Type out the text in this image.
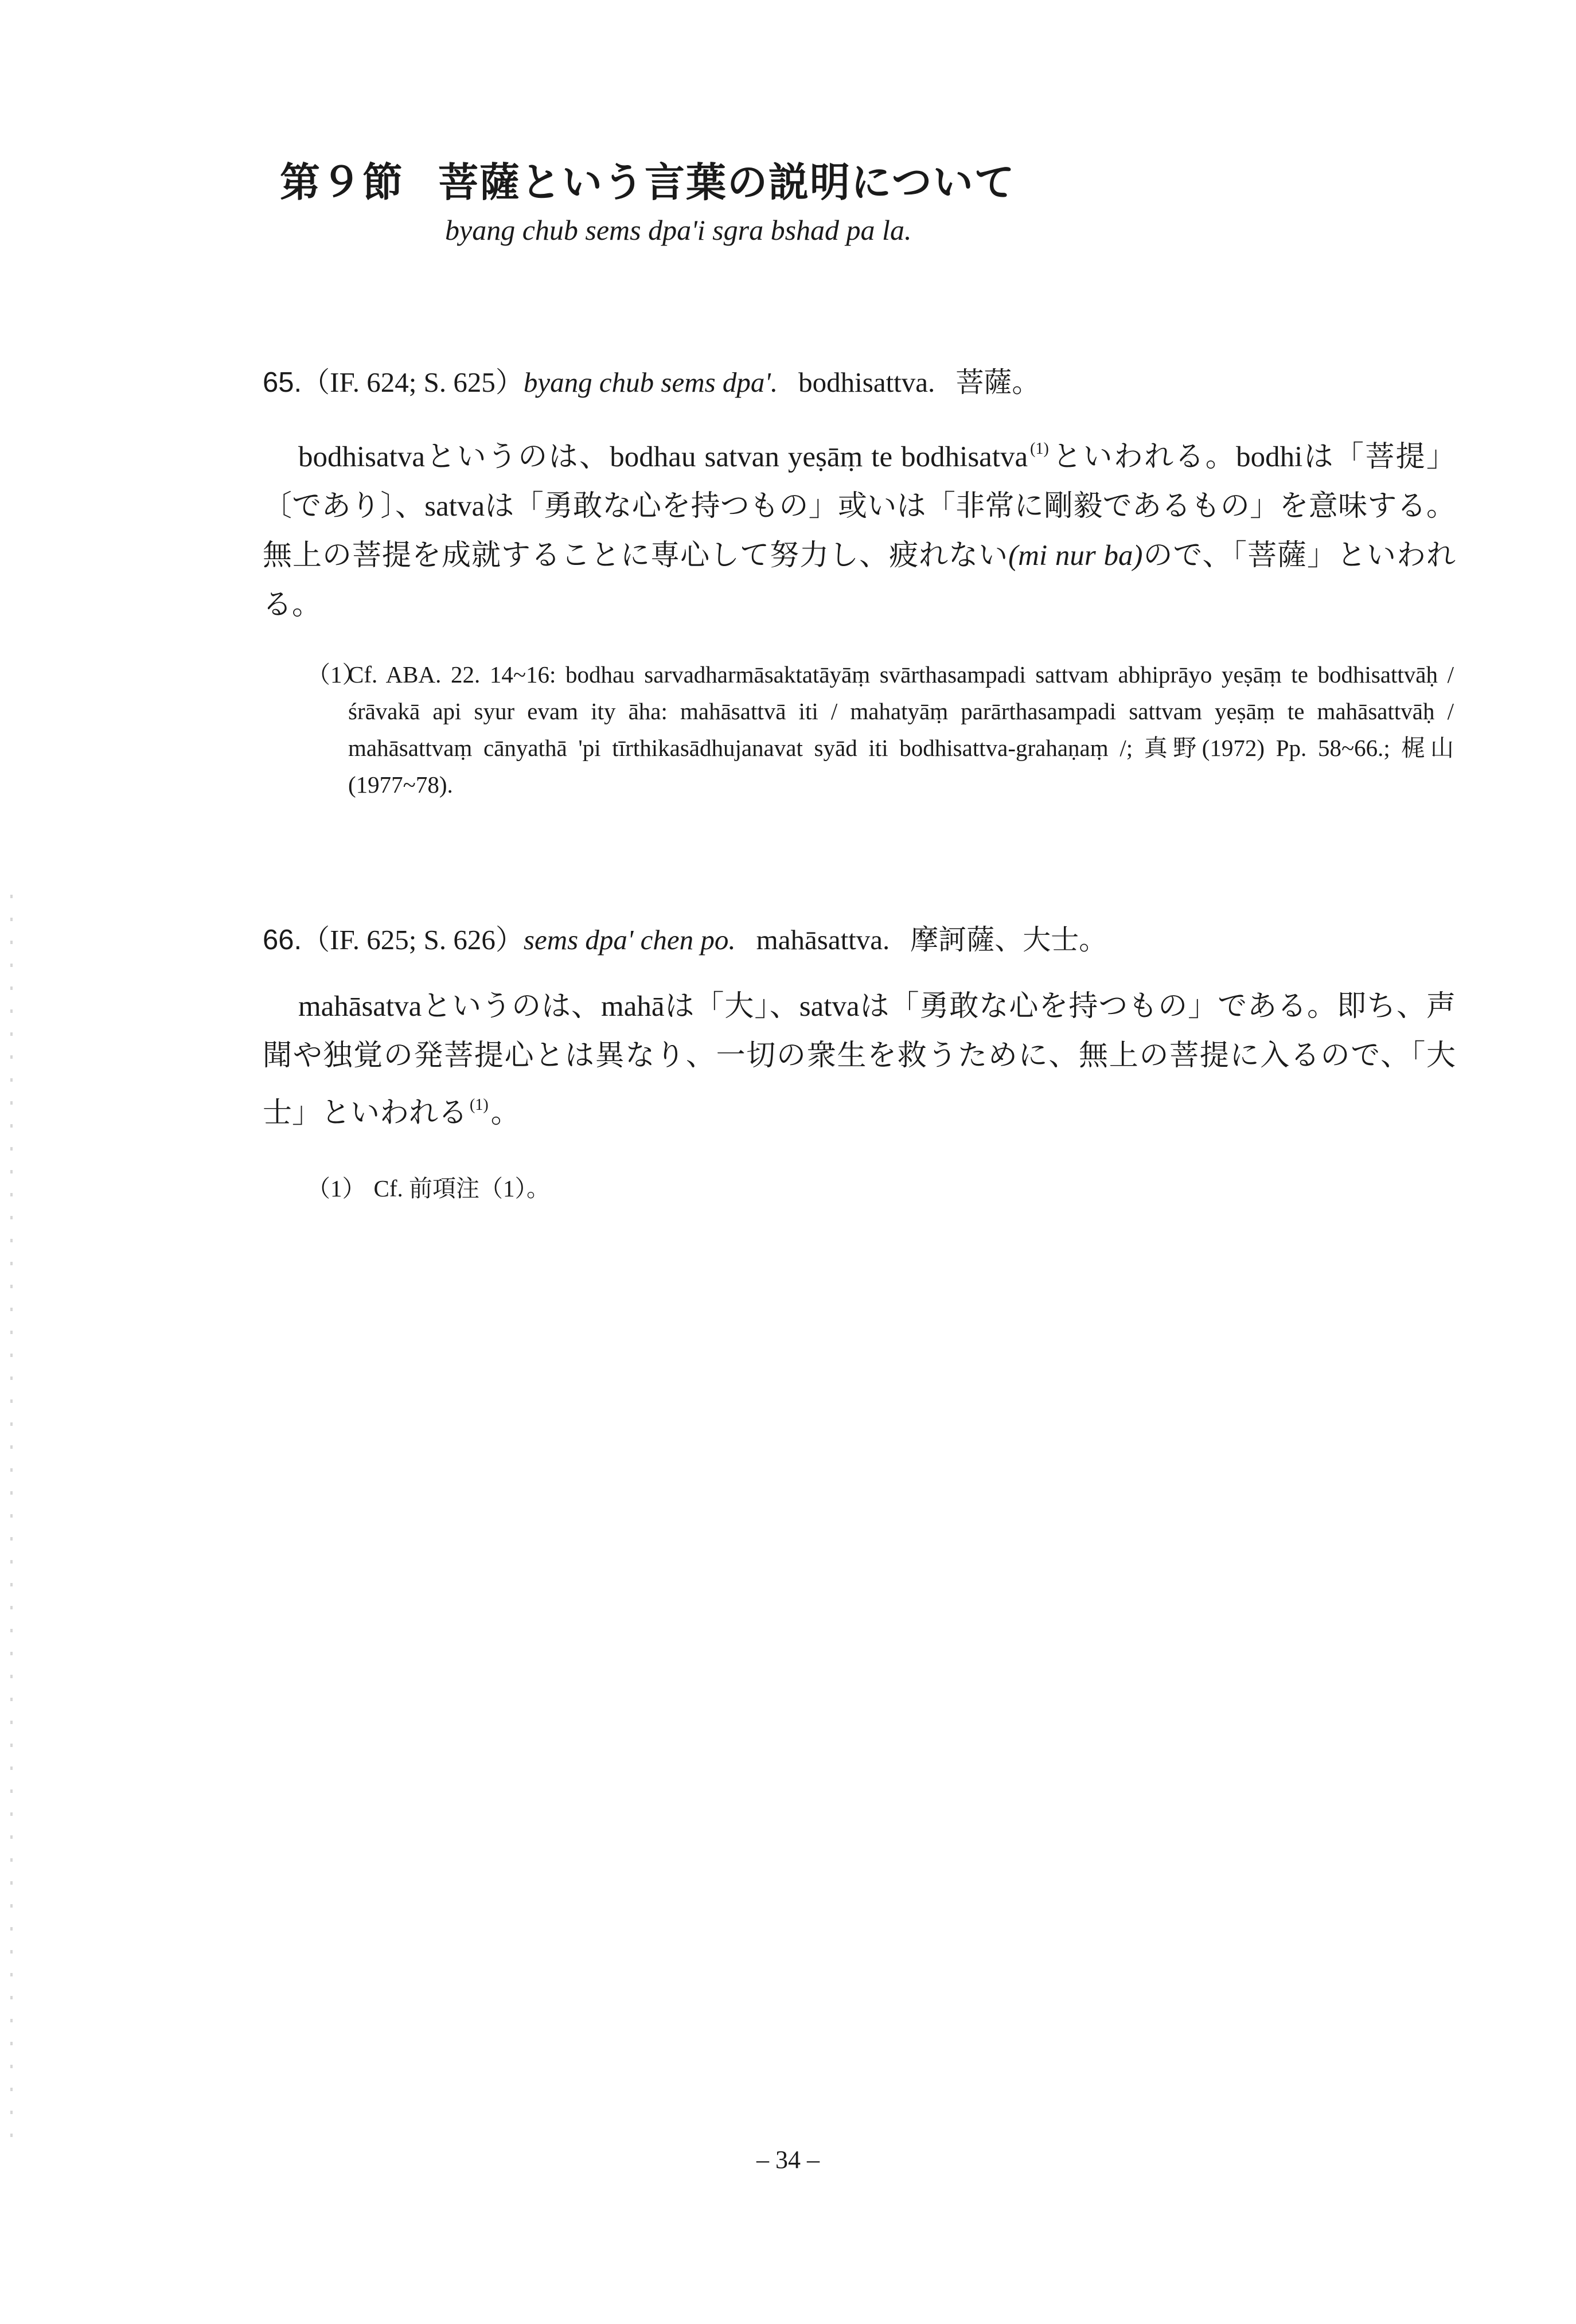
第９節 菩薩という言葉の説明について
byang chub sems dpa'i sgra bshad pa la.
65.（IF. 624; S. 625）byang chub sems dpa'. bodhisattva. 菩薩。
bodhisatvaというのは、bodhau satvan yeṣāṃ te bodhisatva $^{(1)}$といわれる。bodhiは「菩提」〔であり〕、satvaは「勇敢な心を持つもの」或いは「非常に剛毅であるもの」を意味する。無上の菩提を成就することに専心して努力し、疲れない(mi nur ba)ので、「菩薩」といわれる。
（1）
Cf. ABA. 22. 14~16: bodhau sarvadharmāsaktatāyāṃ svārthasampadi sattvam abhiprāyo yeṣāṃ te bodhisattvāḥ / śrāvakā api syur evam ity āha: mahāsattvā iti / mahatyāṃ parārthasampadi sattvam yeṣāṃ te mahāsattvāḥ / mahāsattvaṃ cānyathā 'pi tīrthikasādhujanavat syād iti bodhisattva-grahaṇaṃ /; 真野(1972) Pp. 58~66.; 梶山(1977~78).
66.（IF. 625; S. 626）sems dpa' chen po. mahāsattva. 摩訶薩、大士。
mahāsatvaというのは、mahāは「大」、satvaは「勇敢な心を持つもの」である。即ち、声聞や独覚の発菩提心とは異なり、一切の衆生を救うために、無上の菩提に入るので、「大士」といわれる $^{(1)}$。
（1） Cf. 前項注（1）。
– 34 –
